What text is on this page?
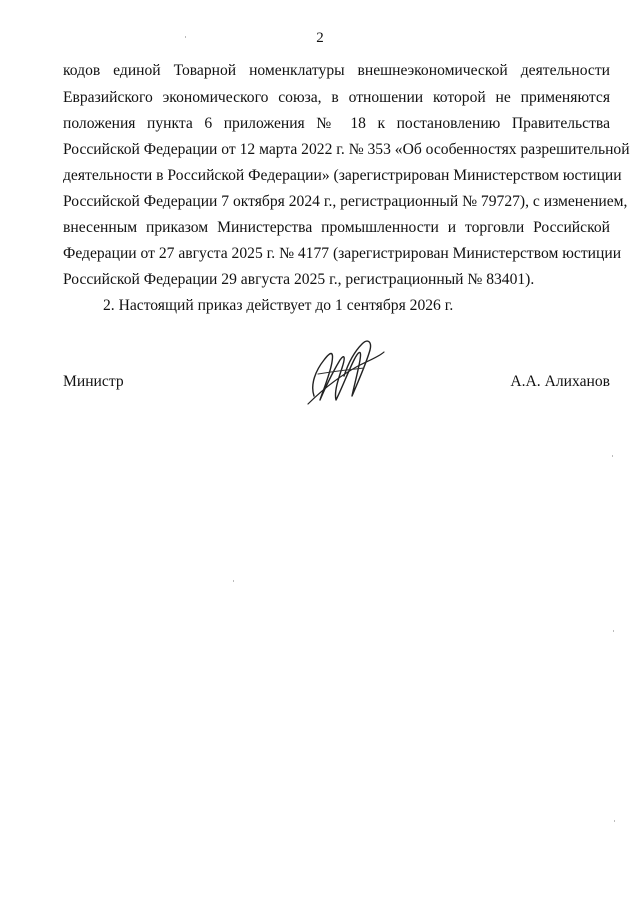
2
кодов единой Товарной номенклатуры внешнеэкономической деятельности
Евразийского экономического союза, в отношении которой не применяются
положения пункта 6 приложения № 18 к постановлению Правительства
Российской Федерации от 12 марта 2022 г. № 353 «Об особенностях разрешительной
деятельности в Российской Федерации» (зарегистрирован Министерством юстиции
Российской Федерации 7 октября 2024 г., регистрационный № 79727), с изменением,
внесенным приказом Министерства промышленности и торговли Российской
Федерации от 27 августа 2025 г. № 4177 (зарегистрирован Министерством юстиции
Российской Федерации 29 августа 2025 г., регистрационный № 83401).
2. Настоящий приказ действует до 1 сентября 2026 г.
Министр	А.А. Алиханов
